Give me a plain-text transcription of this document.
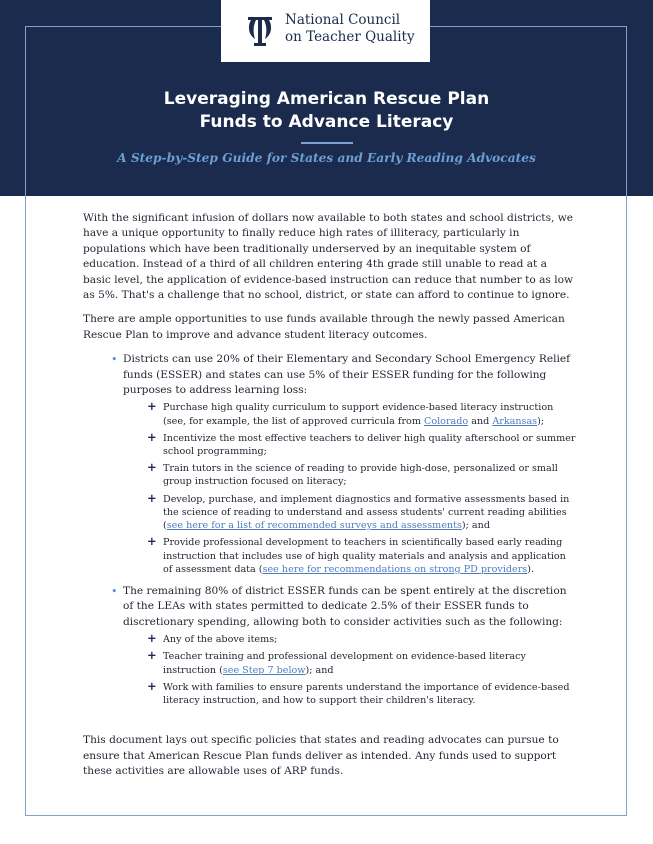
National Council
on Teacher Quality
Leveraging American Rescue Plan
Funds to Advance Literacy
A Step-by-Step Guide for States and Early Reading Advocates

With the significant infusion of dollars now available to both states and school districts, we have a unique opportunity to finally reduce high rates of illiteracy, particularly in populations which have been traditionally underserved by an inequitable system of education. Instead of a third of all children entering 4th grade still unable to read at a basic level, the application of evidence-based instruction can reduce that number to as low as 5%. That's a challenge that no school, district, or state can afford to continue to ignore.

There are ample opportunities to use funds available through the newly passed American Rescue Plan to improve and advance student literacy outcomes.

• Districts can use 20% of their Elementary and Secondary School Emergency Relief funds (ESSER) and states can use 5% of their ESSER funding for the following purposes to address learning loss:
+ Purchase high quality curriculum to support evidence-based literacy instruction (see, for example, the list of approved curricula from Colorado and Arkansas);
+ Incentivize the most effective teachers to deliver high quality afterschool or summer school programming;
+ Train tutors in the science of reading to provide high-dose, personalized or small group instruction focused on literacy;
+ Develop, purchase, and implement diagnostics and formative assessments based in the science of reading to understand and assess students' current reading abilities (see here for a list of recommended surveys and assessments); and
+ Provide professional development to teachers in scientifically based early reading instruction that includes use of high quality materials and analysis and application of assessment data (see here for recommendations on strong PD providers).
• The remaining 80% of district ESSER funds can be spent entirely at the discretion of the LEAs with states permitted to dedicate 2.5% of their ESSER funds to discretionary spending, allowing both to consider activities such as the following:
+ Any of the above items;
+ Teacher training and professional development on evidence-based literacy instruction (see Step 7 below); and
+ Work with families to ensure parents understand the importance of evidence-based literacy instruction, and how to support their children's literacy.

This document lays out specific policies that states and reading advocates can pursue to ensure that American Rescue Plan funds deliver as intended. Any funds used to support these activities are allowable uses of ARP funds.
